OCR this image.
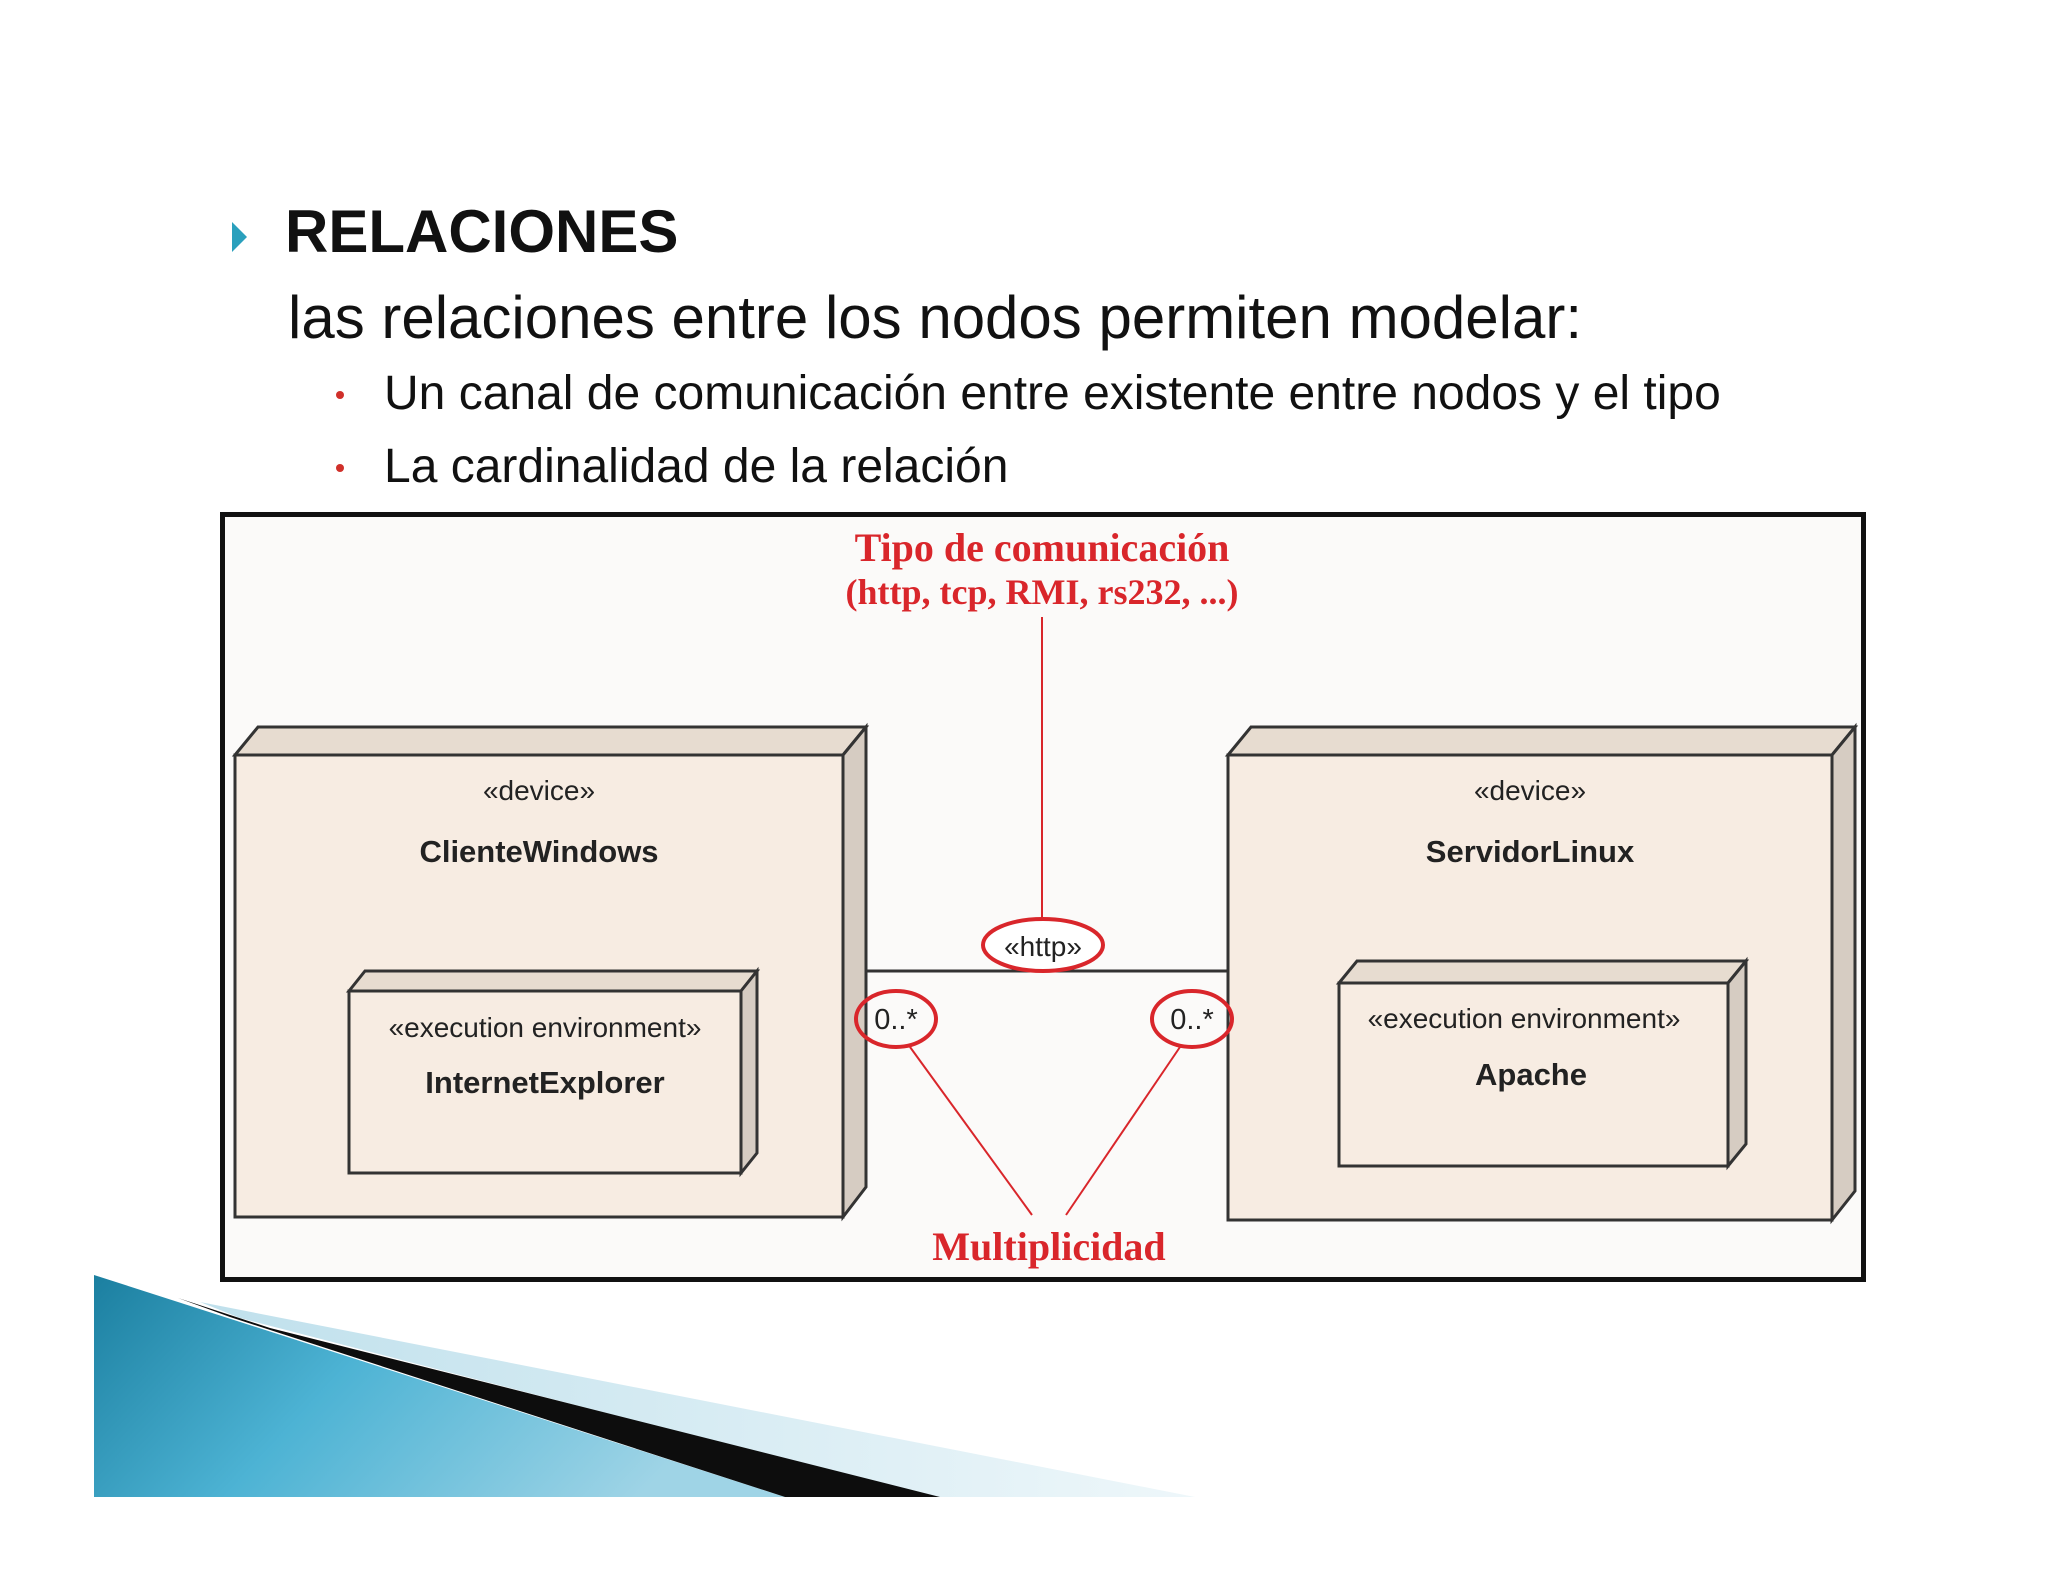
RELACIONES
las relaciones entre los nodos permiten modelar:
Un canal de comunicación entre existente entre nodos y el tipo
La cardinalidad de la relación
«device»
ClienteWindows
«execution environment»
InternetExplorer
«device»
ServidorLinux
«execution environment»
Apache
«http»
0..*	0..*
Tipo de comunicación
(http, tcp, RMI, rs232, ...)
Multiplicidad
